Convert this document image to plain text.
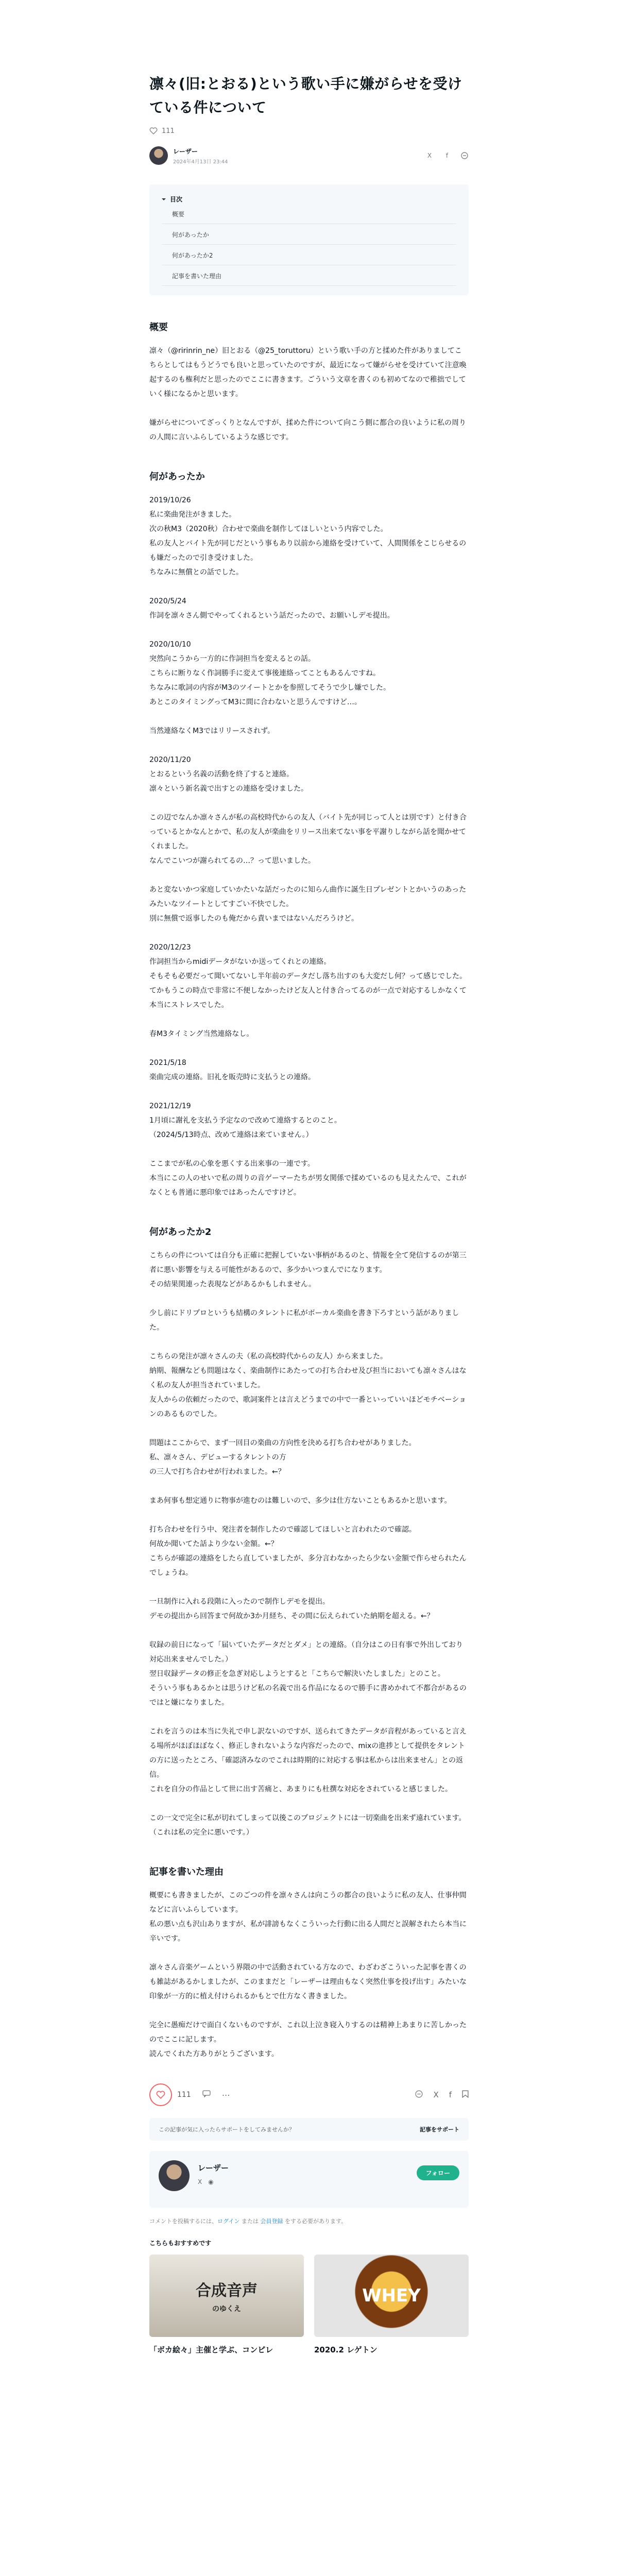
凛々(旧:とおる)という歌い手に嫌がらせを受けている件について
111
レーザー
2024年4月13日 23:44
X	f
目次
概要
何があったか
何があったか2
記事を書いた理由
概要

凛々（@ririnrin_ne）旧とおる（@25_toruttoru）という歌い手の方と揉めた件がありましてこちらとしてはもうどうでも良いと思っていたのですが、最近になって嫌がらせを受けていて注意喚起するのも権利だと思ったのでここに書きます。ごういう文章を書くのも初めてなので稚拙でしていく様になるかと思います。

嫌がらせについてざっくりとなんですが、揉めた件について向こう側に都合の良いように私の周りの人間に言いふらしているような感じです。

何があったか

2019/10/26
私に楽曲発注がきました。
次の秋M3（2020秋）合わせで楽曲を制作してほしいという内容でした。
私の友人とバイト先が同じだという事もあり以前から連絡を受けていて、人間関係をこじらせるのも嫌だったので引き受けました。
ちなみに無償との話でした。

2020/5/24
作詞を凛々さん側でやってくれるという話だったので、お願いしデモ提出。

2020/10/10
突然向こうから一方的に作詞担当を変えるとの話。
こちらに断りなく作詞勝手に変えて事後連絡ってこともあるんですね。
ちなみに歌詞の内容がM3のツイートとかを参照してそうで少し嫌でした。
あとこのタイミングってM3に間に合わないと思うんですけど…。

当然連絡なくM3ではリリースされず。

2020/11/20
とおるという名義の活動を終了すると連絡。
凛々という新名義で出すとの連絡を受けました。

この辺でなんか凛々さんが私の高校時代からの友人（バイト先が同じって人とは別です）と付き合っているとかなんとかで、私の友人が楽曲をリリース出来てない事を平謝りしながら話を聞かせてくれました。
なんでこいつが謝られてるの…？って思いました。

あと変ないかつ家庭していかたいな話だったのに知らん曲作に誕生日プレゼントとかいうのあったみたいなツイートとしてすごい不快でした。
別に無償で返事したのも俺だから責いまではないんだろうけど。

2020/12/23
作詞担当からmidiデータがないか送ってくれとの連絡。
そもそも必要だって聞いてないし半年前のデータだし落ち出すのも大変だし何？って感じでした。
てかもうこの時点で非常に不便しなかったけど友人と付き合ってるのが一点で対応するしかなくて本当にストレスでした。

春M3タイミング当然連絡なし。

2021/5/18
楽曲完成の連絡。旧礼を販売時に支払うとの連絡。

2021/12/19
1月頃に謝礼を支払う予定なので改めて連絡するとのこと。
（2024/5/13時点、改めて連絡は来ていません。）

ここまでが私の心象を悪くする出来事の一連です。
本当にこの人のせいで私の周りの音ゲーマーたちが男女関係で揉めているのも見えたんで、これがなくとも普通に悪印象ではあったんですけど。

何があったか2

こちらの件については自分も正確に把握していない事柄があるのと、情報を全て発信するのが第三者に悪い影響を与える可能性があるので、多少かいつまんでになります。
その結果関連った表現などがあるかもしれません。

少し前にドリプロというも結構のタレントに私がボーカル楽曲を書き下ろすという話がありました。

こちらの発注が凛々さんの夫（私の高校時代からの友人）から来ました。
納期、報酬なども問題はなく、楽曲制作にあたっての打ち合わせ及び担当においても凛々さんはなく私の友人が担当されていました。
友人からの依頼だったので、歌詞案件とは言えどうまでの中で一番といっていいほどモチベーションのあるものでした。

問題はここからで、まず一回目の楽曲の方向性を決める打ち合わせがありました。
私、凛々さん、デビューするタレントの方
の三人で打ち合わせが行われました。←？

まあ何事も想定通りに物事が進むのは難しいので、多少は仕方ないこともあるかと思います。

打ち合わせを行う中、発注者を制作したので確認してほしいと言われたので確認。
何故か聞いてた話より少ない金額。←？
こちらが確認の連絡をしたら直していましたが、多分言わなかったら少ない金額で作らせられたんでしょうね。

一旦制作に入れる段階に入ったので制作しデモを提出。
デモの提出から回答まで何故か3か月経ち、その間に伝えられていた納期を超える。←？

収録の前日になって「届いていたデータだとダメ」との連絡。（自分はこの日有事で外出しており対応出来ませんでした。）
翌日収録データの修正を急ぎ対応しようとすると「こちらで解決いたしました」とのこと。
そういう事もあるかとは思うけど私の名義で出る作品になるので勝手に書めかれて不都合があるのではと嫌になりました。

これを言うのは本当に失礼で申し訳ないのですが、送られてきたデータが音程があっていると言える場所がほぼほぼなく、修正しきれないような内容だったので、mixの進捗として提供をタレントの方に送ったところ、「確認済みなのでこれは時期的に対応する事は私からは出来ません」との返信。
これを自分の作品として世に出す苦痛と、あまりにも杜撰な対応をされていると感じました。

この一文で完全に私が切れてしまって以後このプロジェクトには一切楽曲を出来ず遠れています。（これは私の完全に悪いです。）

記事を書いた理由

概要にも書きましたが、このごつの件を凛々さんは向こうの都合の良いように私の友人、仕事仲間などに言いふらしています。
私の悪い点も沢山ありますが、私が誹謗もなくこういった行動に出る人間だと誤解されたら本当に辛いです。

凛々さん音楽ゲームという界隈の中で活動されている方なので、わざわざこういった記事を書くのも雑誌があるかしましたが、このままだと「レーザーは理由もなく突然仕事を投げ出す」みたいな印象が一方的に植え付けられるかもとで仕方なく書きました。

完全に愚痴だけで面白くないものですが、これ以上泣き寝入りするのは精神上あまりに苦しかったのでここに記します。
読んでくれた方ありがとうございます。

111	⋯	X f
この記事が気に入ったらサポートをしてみませんか？	記事をサポート
レーザー
X ◉
フォロー
コメントを投稿するには、ログイン または 会員登録 をする必要があります。
こちらもおすすめです
合成音声
のゆくえ
「ボカ絵々」主催と学ぶ、コンピレ
WHEY
2020.2 レゲトン
